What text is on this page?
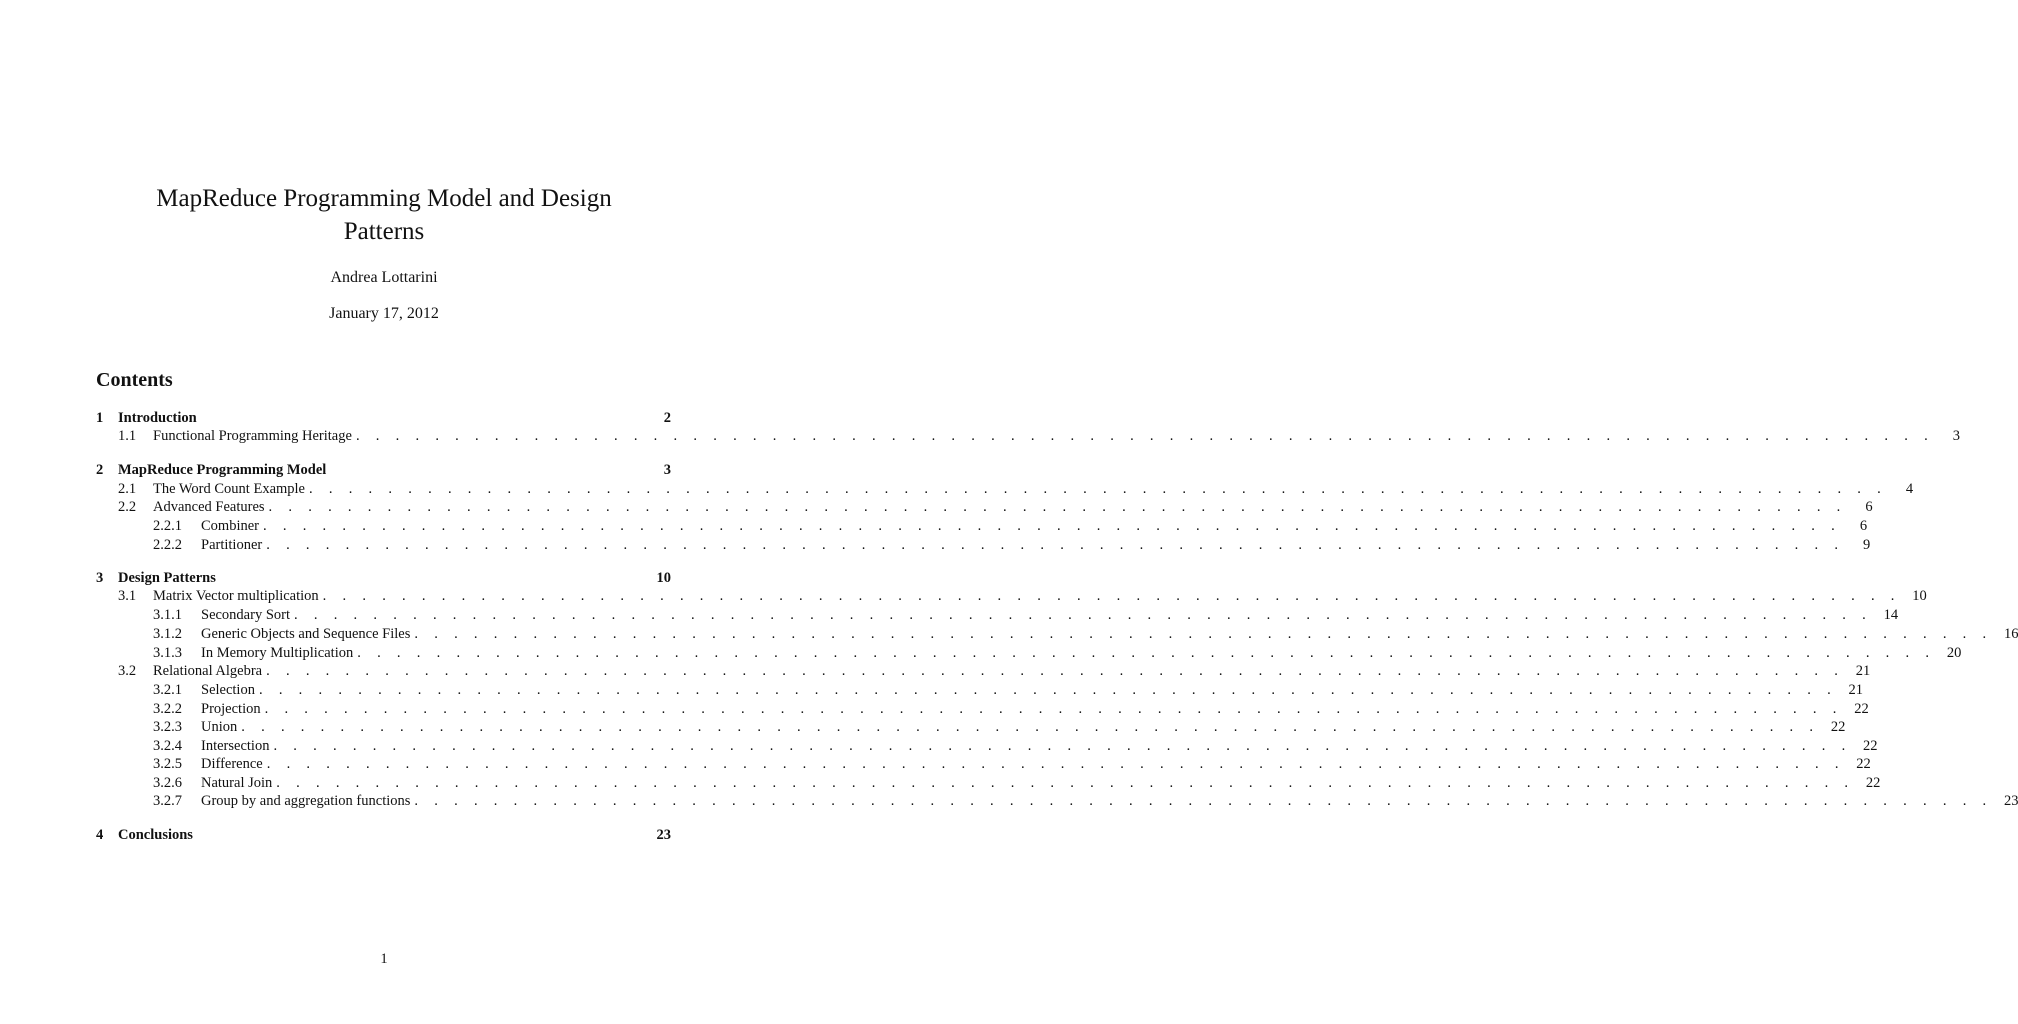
MapReduce Programming Model and Design
Patterns
Andrea Lottarini
January 17, 2012
Contents
1	Introduction	2
1.1	Functional Programming Heritage . . . . . . . . . . . . . . . . . . . . . . . . . . . . . . . . . . . . . . . . . . . . . . . . . . . . . . . . . . . . . . . . . . . . . . . . . . . . . . . .	3
2	MapReduce Programming Model	3
2.1	The Word Count Example . . . . . . . . . . . . . . . . . . . . . . . . . . . . . . . . . . . . . . . . . . . . . . . . . . . . . . . . . . . . . . . . . . . . . . . . . . . . . . . .	4
2.2	Advanced Features . . . . . . . . . . . . . . . . . . . . . . . . . . . . . . . . . . . . . . . . . . . . . . . . . . . . . . . . . . . . . . . . . . . . . . . . . . . . . . . .	6
2.2.1	Combiner . . . . . . . . . . . . . . . . . . . . . . . . . . . . . . . . . . . . . . . . . . . . . . . . . . . . . . . . . . . . . . . . . . . . . . . . . . . . . . . .	6
2.2.2	Partitioner . . . . . . . . . . . . . . . . . . . . . . . . . . . . . . . . . . . . . . . . . . . . . . . . . . . . . . . . . . . . . . . . . . . . . . . . . . . . . . . .	9
3	Design Patterns	10
3.1	Matrix Vector multiplication . . . . . . . . . . . . . . . . . . . . . . . . . . . . . . . . . . . . . . . . . . . . . . . . . . . . . . . . . . . . . . . . . . . . . . . . . . . . . . . . 10
3.1.1	Secondary Sort . . . . . . . . . . . . . . . . . . . . . . . . . . . . . . . . . . . . . . . . . . . . . . . . . . . . . . . . . . . . . . . . . . . . . . . . . . . . . . . . 14
3.1.2	Generic Objects and Sequence Files . . . . . . . . . . . . . . . . . . . . . . . . . . . . . . . . . . . . . . . . . . . . . . . . . . . . . . . . . . . . . . . . . . . . . . . . . . . . . . . . 16
3.1.3	In Memory Multiplication . . . . . . . . . . . . . . . . . . . . . . . . . . . . . . . . . . . . . . . . . . . . . . . . . . . . . . . . . . . . . . . . . . . . . . . . . . . . . . . . 20
3.2	Relational Algebra . . . . . . . . . . . . . . . . . . . . . . . . . . . . . . . . . . . . . . . . . . . . . . . . . . . . . . . . . . . . . . . . . . . . . . . . . . . . . . . . 21
3.2.1	Selection . . . . . . . . . . . . . . . . . . . . . . . . . . . . . . . . . . . . . . . . . . . . . . . . . . . . . . . . . . . . . . . . . . . . . . . . . . . . . . . . 21
3.2.2	Projection . . . . . . . . . . . . . . . . . . . . . . . . . . . . . . . . . . . . . . . . . . . . . . . . . . . . . . . . . . . . . . . . . . . . . . . . . . . . . . . . 22
3.2.3	Union . . . . . . . . . . . . . . . . . . . . . . . . . . . . . . . . . . . . . . . . . . . . . . . . . . . . . . . . . . . . . . . . . . . . . . . . . . . . . . . . 22
3.2.4	Intersection . . . . . . . . . . . . . . . . . . . . . . . . . . . . . . . . . . . . . . . . . . . . . . . . . . . . . . . . . . . . . . . . . . . . . . . . . . . . . . . . 22
3.2.5	Difference . . . . . . . . . . . . . . . . . . . . . . . . . . . . . . . . . . . . . . . . . . . . . . . . . . . . . . . . . . . . . . . . . . . . . . . . . . . . . . . . 22
3.2.6	Natural Join . . . . . . . . . . . . . . . . . . . . . . . . . . . . . . . . . . . . . . . . . . . . . . . . . . . . . . . . . . . . . . . . . . . . . . . . . . . . . . . . 22
3.2.7	Group by and aggregation functions . . . . . . . . . . . . . . . . . . . . . . . . . . . . . . . . . . . . . . . . . . . . . . . . . . . . . . . . . . . . . . . . . . . . . . . . . . . . . . . . 23
4	Conclusions	23
1
